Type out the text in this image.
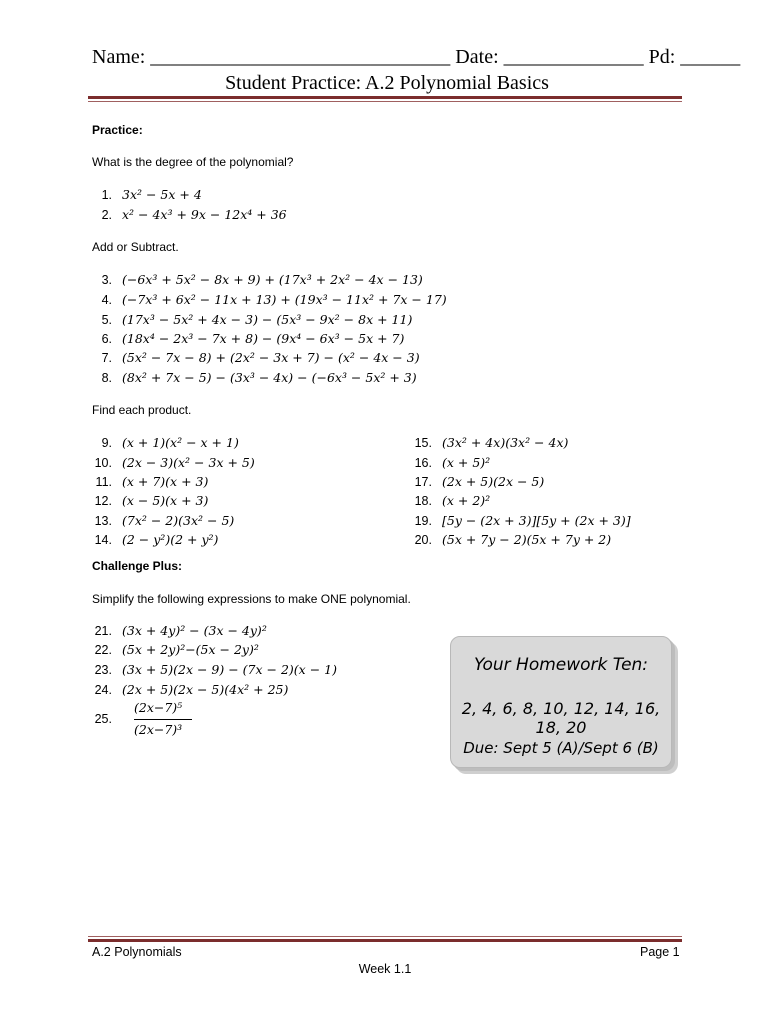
Name: ______________________________ Date: ______________ Pd: ______
Student Practice: A.2 Polynomial Basics
Practice:
What is the degree of the polynomial?
1. 3x² − 5x + 4
2. x² − 4x³ + 9x − 12x⁴ + 36
Add or Subtract.
3. (−6x³ + 5x² − 8x + 9) + (17x³ + 2x² − 4x − 13)
4. (−7x³ + 6x² − 11x + 13) + (19x³ − 11x² + 7x − 17)
5. (17x³ − 5x² + 4x − 3) − (5x³ − 9x² − 8x + 11)
6. (18x⁴ − 2x³ − 7x + 8) − (9x⁴ − 6x³ − 5x + 7)
7. (5x² − 7x − 8) + (2x² − 3x + 7) − (x² − 4x − 3)
8. (8x² + 7x − 5) − (3x³ − 4x) − (−6x³ − 5x² + 3)
Find each product.
9. (x + 1)(x² − x + 1)
10. (2x − 3)(x² − 3x + 5)
11. (x + 7)(x + 3)
12. (x − 5)(x + 3)
13. (7x² − 2)(3x² − 5)
14. (2 − y²)(2 + y²)
15. (3x² + 4x)(3x² − 4x)
16. (x + 5)²
17. (2x + 5)(2x − 5)
18. (x + 2)²
19. [5y − (2x + 3)][5y + (2x + 3)]
20. (5x + 7y − 2)(5x + 7y + 2)
Challenge Plus:
Simplify the following expressions to make ONE polynomial.
21. (3x + 4y)² − (3x − 4y)²
22. (5x + 2y)²−(5x − 2y)²
23. (3x + 5)(2x − 9) − (7x − 2)(x − 1)
24. (2x + 5)(2x − 5)(4x² + 25)
25.
(2x−7)⁵
(2x−7)³
Your Homework Ten:
2, 4, 6, 8, 10, 12, 14, 16, 18, 20
Due: Sept 5 (A)/Sept 6 (B)
A.2 Polynomials	Page 1
Week 1.1
